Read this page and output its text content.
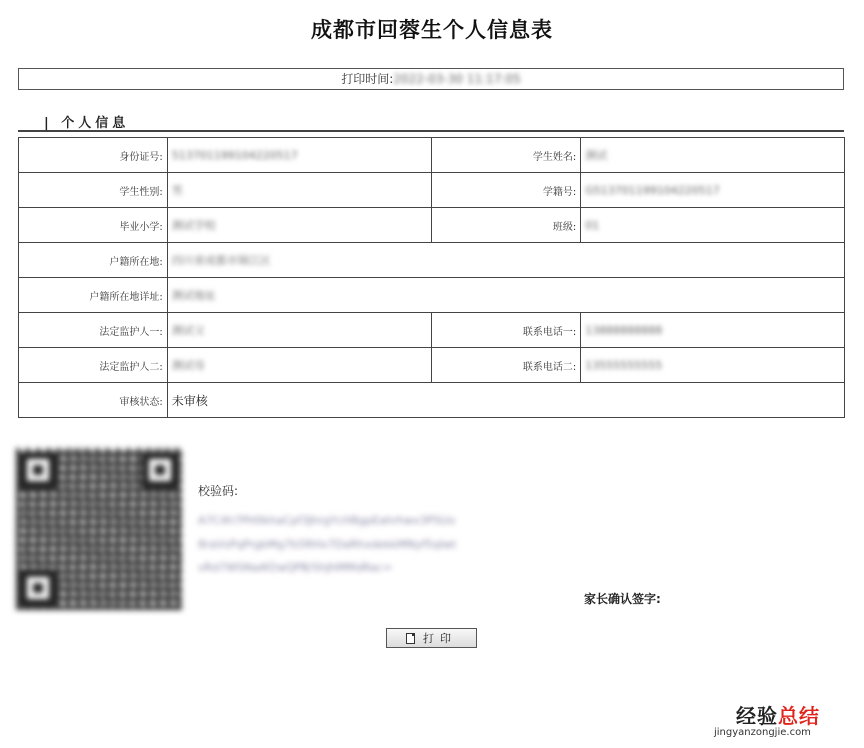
成都市回蓉生个人信息表
打印时间:2022-03-30 11:17:05
| 个人信息
身份证号:	513701199104220517	学生姓名:	测试
学生性别:	男	学籍号:	G513701199104220517
毕业小学:	测试学校	班级:	01
户籍所在地:	四川省成都市锦江区		
户籍所在地详址:	测试地址		
法定监护人一:	测试父	联系电话一:	13888888888
法定监护人二:	测试母	联系电话二:	13555555555
审核状态:	未审核		
校验码:
A7C4h7PH0khaCpf3JhrgYcH8gpEahrhwx3PSUo
8raVsPqPrgbMg7b5RHx7DaRhxdekkMNyf5qIwt
vRd7WSNaAf2wQPB/ShJhMMdRac=
家长确认签字:
打印
经验总结
jingyanzongjie.com
